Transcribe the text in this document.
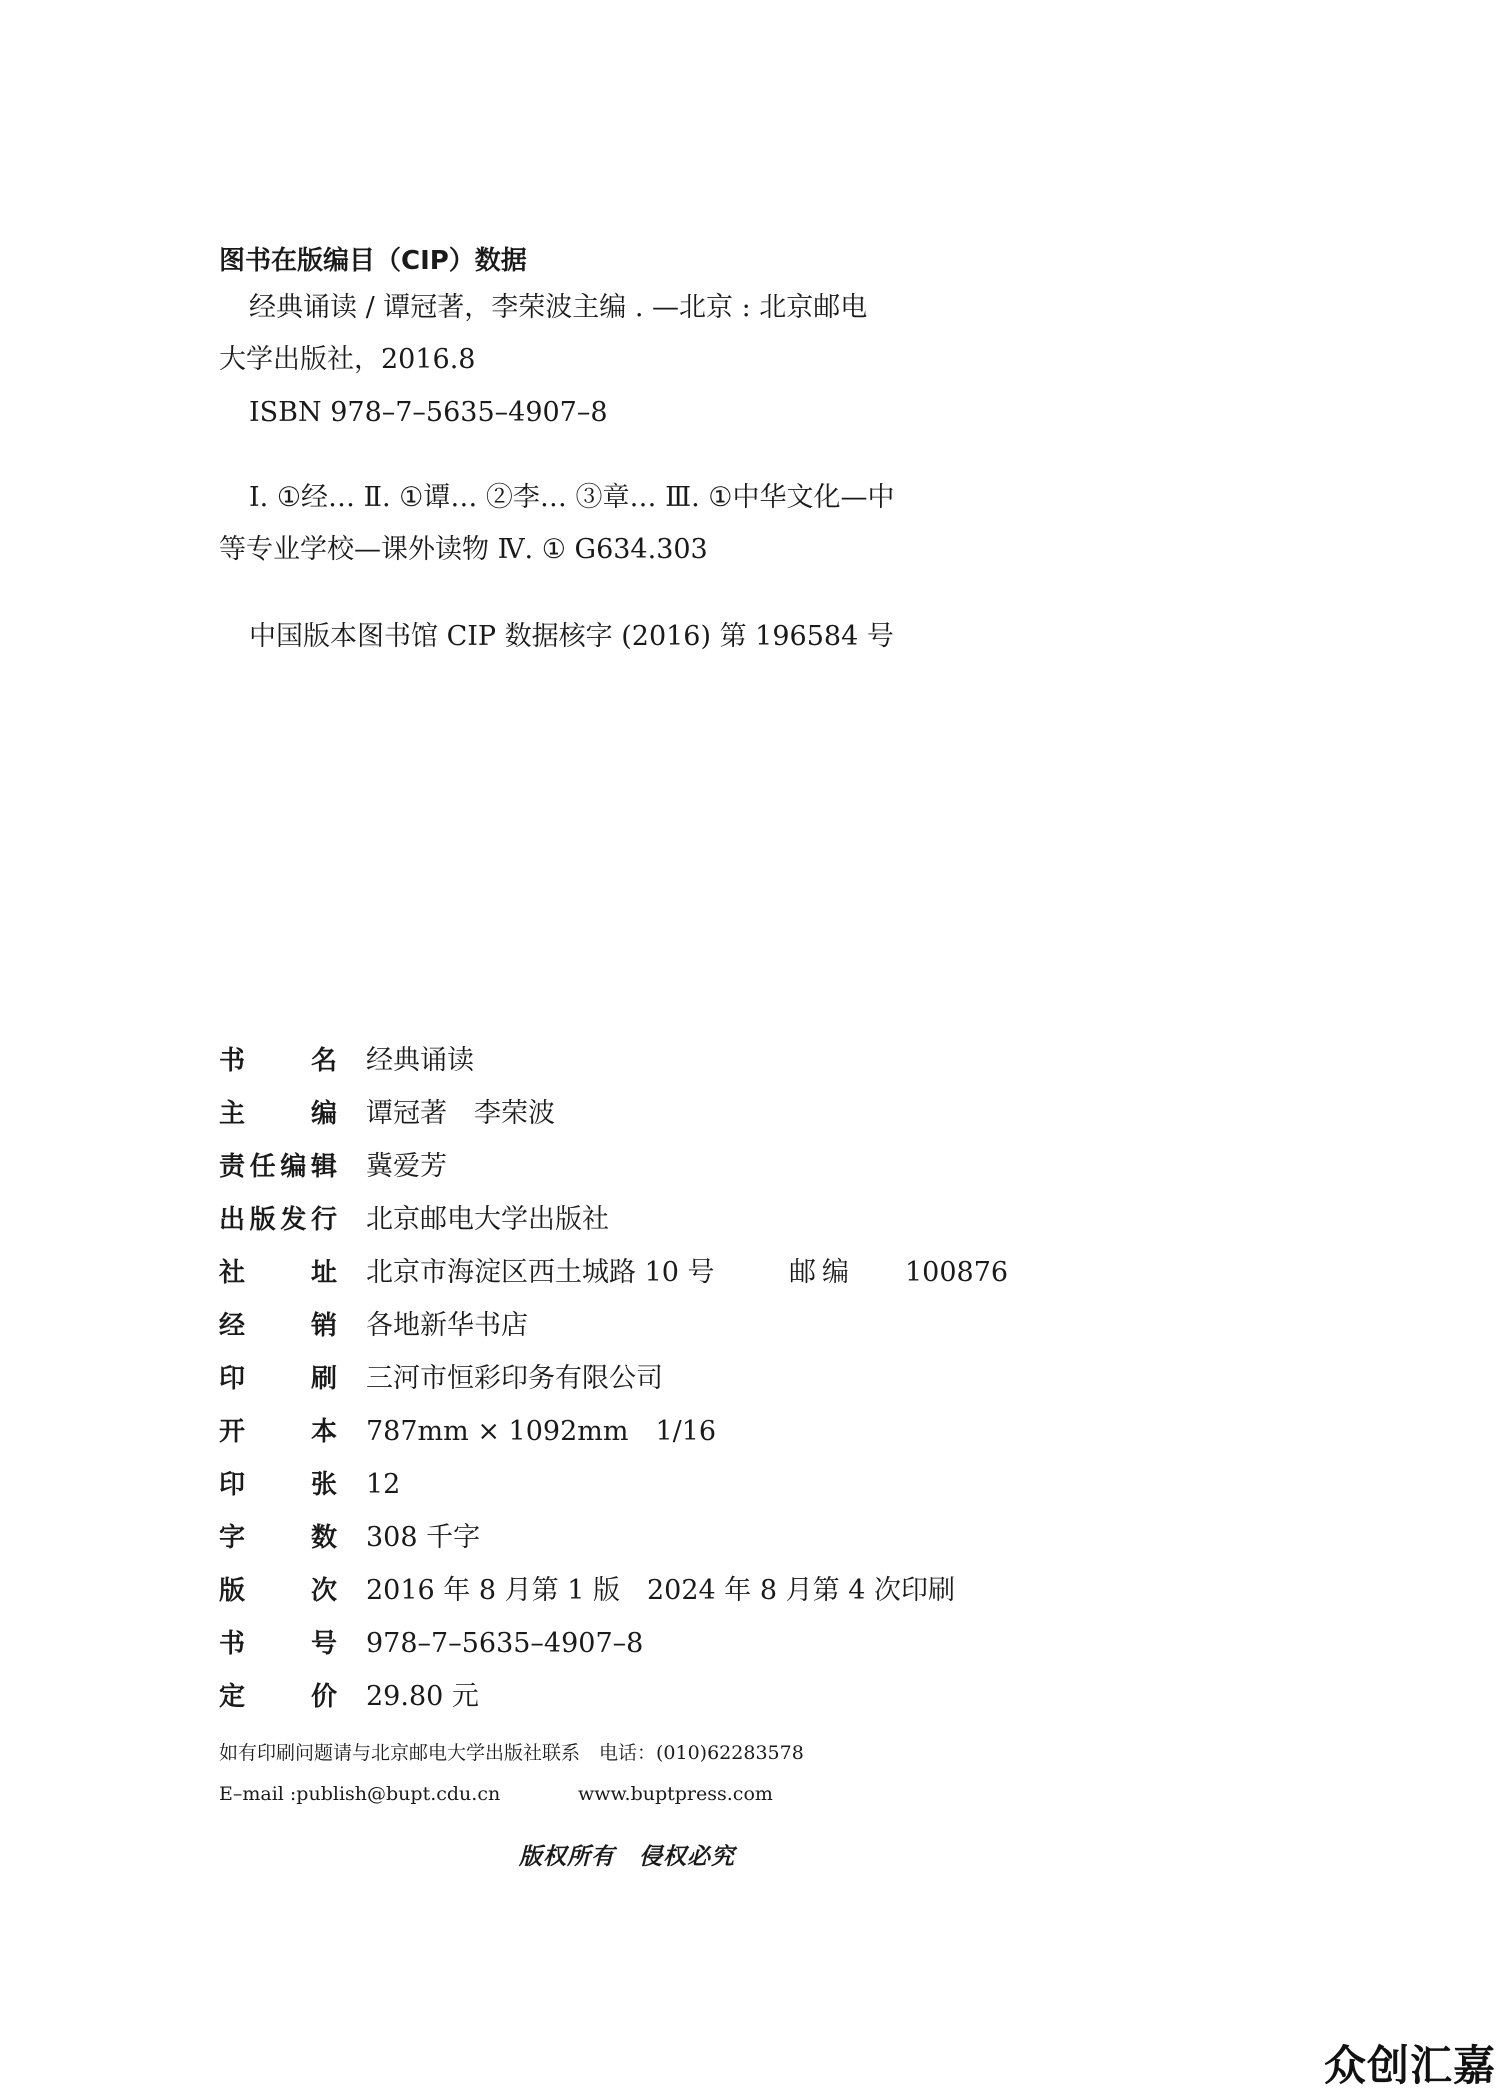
图书在版编目（CIP）数据
经典诵读 / 谭冠著，李荣波主编 . —北京 : 北京邮电
大学出版社，2016.8
ISBN 978–7–5635–4907–8
Ⅰ. ①经… Ⅱ. ①谭… ②李… ③章… Ⅲ. ①中华文化—中
等专业学校—课外读物 Ⅳ. ① G634.303
中国版本图书馆 CIP 数据核字 (2016) 第 196584 号
书名 经典诵读
主编 谭冠著　李荣波
责任编辑 冀爱芳
出版发行 北京邮电大学出版社
社址 北京市海淀区西土城路 10 号	邮编 100876
经销 各地新华书店
印刷 三河市恒彩印务有限公司
开本 787mm × 1092mm　1/16
印张 12
字数 308 千字
版次 2016 年 8 月第 1 版　2024 年 8 月第 4 次印刷
书号 978–7–5635–4907–8
定价 29.80 元
如有印刷问题请与北京邮电大学出版社联系　电话：(010)62283578
E–mail :publish@bupt.cdu.cn	www.buptpress.com
版权所有　侵权必究
众创汇嘉
